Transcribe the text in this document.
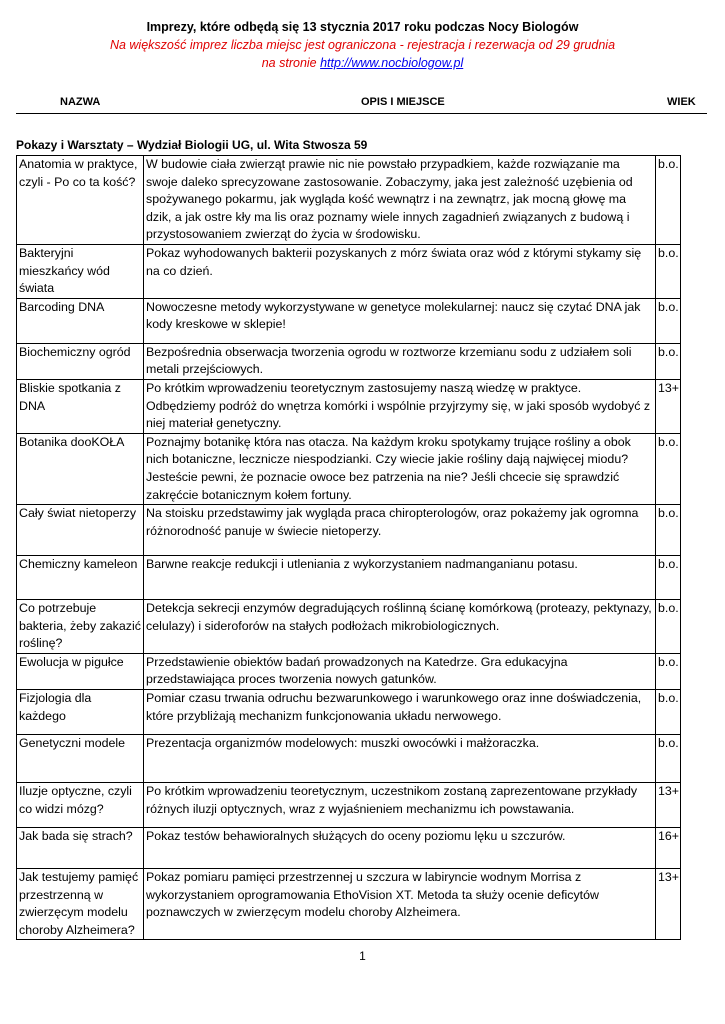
Imprezy, które odbędą się 13 stycznia 2017 roku podczas Nocy Biologów
Na większość imprez liczba miejsc jest ograniczona - rejestracja i rezerwacja od 29 grudnia
na stronie http://www.nocbiologow.pl
NAZWA	OPIS I MIEJSCE	WIEK
Pokazy i Warsztaty – Wydział Biologii UG, ul. Wita Stwosza 59
Anatomia w praktyce, czyli - Po co ta kość?	W budowie ciała zwierząt prawie nic nie powstało przypadkiem, każde rozwiązanie ma swoje daleko sprecyzowane zastosowanie. Zobaczymy, jaka jest zależność uzębienia od spożywanego pokarmu, jak wygląda kość wewnątrz i na zewnątrz, jak mocną głowę ma dzik, a jak ostre kły ma lis oraz poznamy wiele innych zagadnień związanych z budową i przystosowaniem zwierząt do życia w środowisku.	b.o.
Bakteryjni mieszkańcy wód świata	Pokaz wyhodowanych bakterii pozyskanych z mórz świata oraz wód z którymi stykamy się na co dzień.	b.o.
Barcoding DNA	Nowoczesne metody wykorzystywane w genetyce molekularnej: naucz się czytać DNA jak kody kreskowe w sklepie!	b.o.
Biochemiczny ogród	Bezpośrednia obserwacja tworzenia ogrodu w roztworze krzemianu sodu z udziałem soli metali przejściowych.	b.o.
Bliskie spotkania z DNA	Po krótkim wprowadzeniu teoretycznym zastosujemy naszą wiedzę w praktyce. Odbędziemy podróż do wnętrza komórki i wspólnie przyjrzymy się, w jaki sposób wydobyć z niej materiał genetyczny.	13+
Botanika dooKOŁA	Poznajmy botanikę która nas otacza. Na każdym kroku spotykamy trujące rośliny a obok nich botaniczne, lecznicze niespodzianki. Czy wiecie jakie rośliny dają najwięcej miodu? Jesteście pewni, że poznacie owoce bez patrzenia na nie? Jeśli chcecie się sprawdzić zakręćcie botanicznym kołem fortuny.	b.o.
Cały świat nietoperzy	Na stoisku przedstawimy jak wygląda praca chiropterologów, oraz pokażemy jak ogromna różnorodność panuje w świecie nietoperzy.	b.o.
Chemiczny kameleon	Barwne reakcje redukcji i utleniania z wykorzystaniem nadmanganianu potasu.	b.o.
Co potrzebuje bakteria, żeby zakazić roślinę?	Detekcja sekrecji enzymów degradujących roślinną ścianę komórkową (proteazy, pektynazy, celulazy) i sideroforów na stałych podłożach mikrobiologicznych.	b.o.
Ewolucja w pigułce	Przedstawienie obiektów badań prowadzonych na Katedrze. Gra edukacyjna przedstawiająca proces tworzenia nowych gatunków.	b.o.
Fizjologia dla każdego	Pomiar czasu trwania odruchu bezwarunkowego i warunkowego oraz inne doświadczenia, które przybliżają mechanizm funkcjonowania układu nerwowego.	b.o.
Genetyczni modele	Prezentacja organizmów modelowych: muszki owocówki i małżoraczka.	b.o.
Iluzje optyczne, czyli co widzi mózg?	Po krótkim wprowadzeniu teoretycznym, uczestnikom zostaną zaprezentowane przykłady różnych iluzji optycznych, wraz z wyjaśnieniem mechanizmu ich powstawania.	13+
Jak bada się strach?	Pokaz testów behawioralnych służących do oceny poziomu lęku u szczurów.	16+
Jak testujemy pamięć przestrzenną w zwierzęcym modelu choroby Alzheimera?	Pokaz pomiaru pamięci przestrzennej u szczura w labiryncie wodnym Morrisa z wykorzystaniem oprogramowania EthoVision XT. Metoda ta służy ocenie deficytów poznawczych w zwierzęcym modelu choroby Alzheimera.	13+
1
